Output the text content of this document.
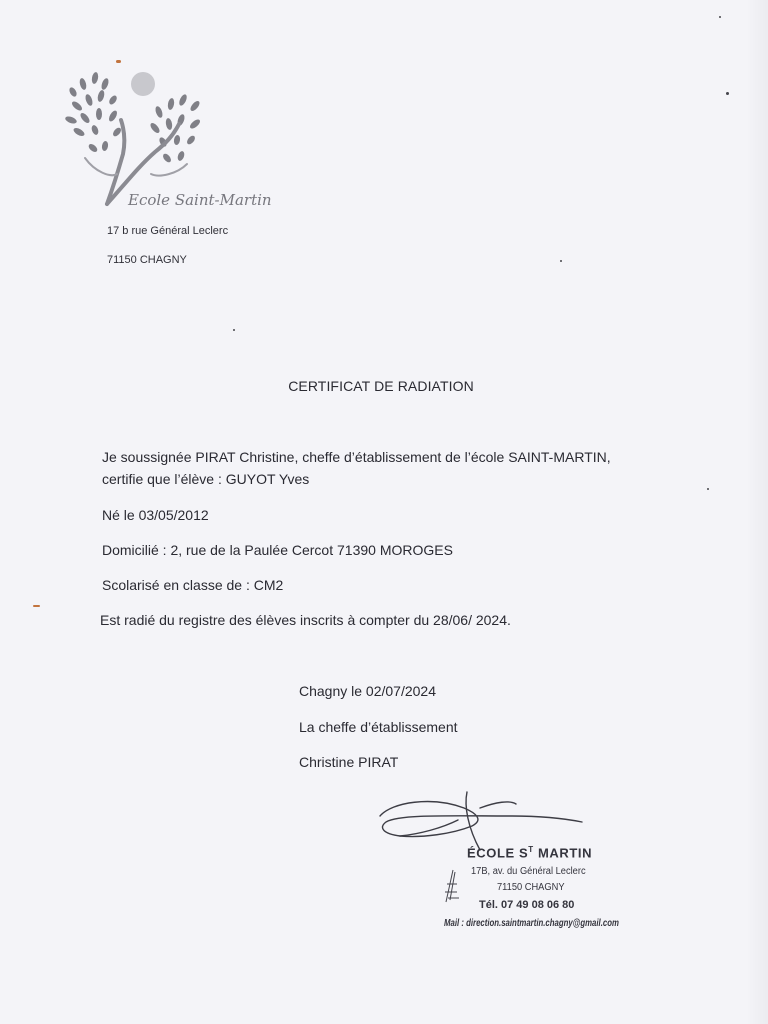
Ecole Saint-Martin
17 b rue Général Leclerc
71150 CHAGNY
CERTIFICAT DE RADIATION
Je soussignée PIRAT Christine, cheffe d’établissement de l’école SAINT-MARTIN,
certifie que l’élève : GUYOT Yves
Né le 03/05/2012
Domicilié : 2, rue de la Paulée Cercot 71390 MOROGES
Scolarisé en classe de : CM2
Est radié du registre des élèves inscrits à compter du 28/06/ 2024.
Chagny le 02/07/2024
La cheffe d’établissement
Christine PIRAT
ÉCOLE $S^T$ MARTIN
17B, av. du Général Leclerc
71150 CHAGNY
Tél. 07 49 08 06 80
Mail : direction.saintmartin.chagny@gmail.com
